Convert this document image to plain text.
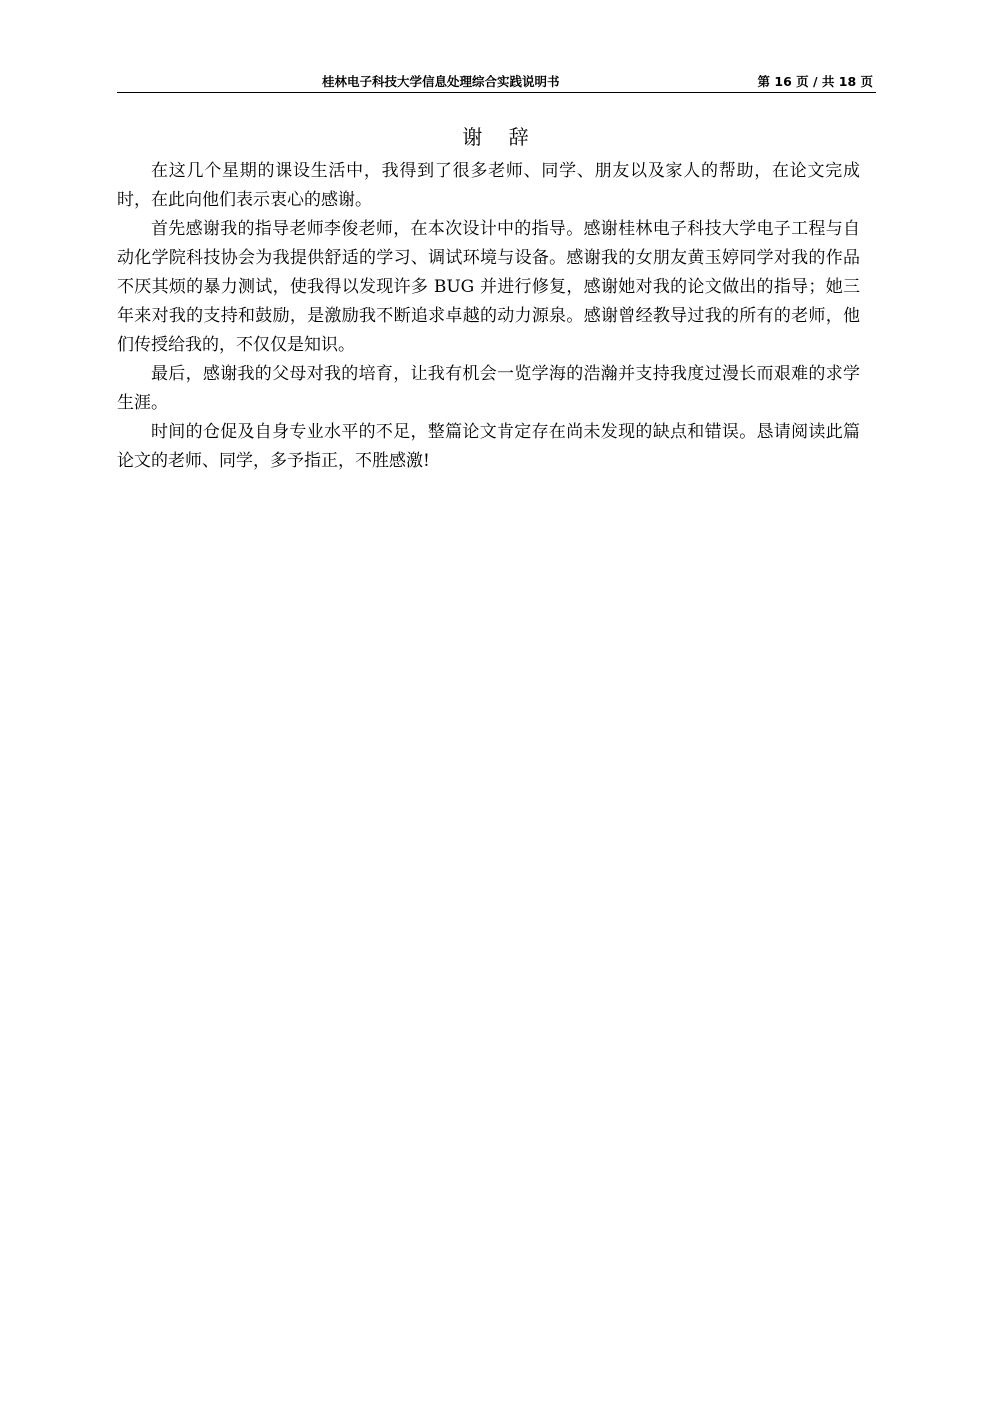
桂林电子科技大学信息处理综合实践说明书	第 16 页 / 共 18 页
谢 辞

在这几个星期的课设生活中，我得到了很多老师、同学、朋友以及家人的帮助，在论文完成时，在此向他们表示衷心的感谢。

首先感谢我的指导老师李俊老师，在本次设计中的指导。感谢桂林电子科技大学电子工程与自动化学院科技协会为我提供舒适的学习、调试环境与设备。感谢我的女朋友黄玉婷同学对我的作品不厌其烦的暴力测试，使我得以发现许多 BUG 并进行修复，感谢她对我的论文做出的指导；她三年来对我的支持和鼓励，是激励我不断追求卓越的动力源泉。感谢曾经教导过我的所有的老师，他们传授给我的，不仅仅是知识。

最后，感谢我的父母对我的培育，让我有机会一览学海的浩瀚并支持我度过漫长而艰难的求学生涯。

时间的仓促及自身专业水平的不足，整篇论文肯定存在尚未发现的缺点和错误。恳请阅读此篇论文的老师、同学，多予指正，不胜感激!
